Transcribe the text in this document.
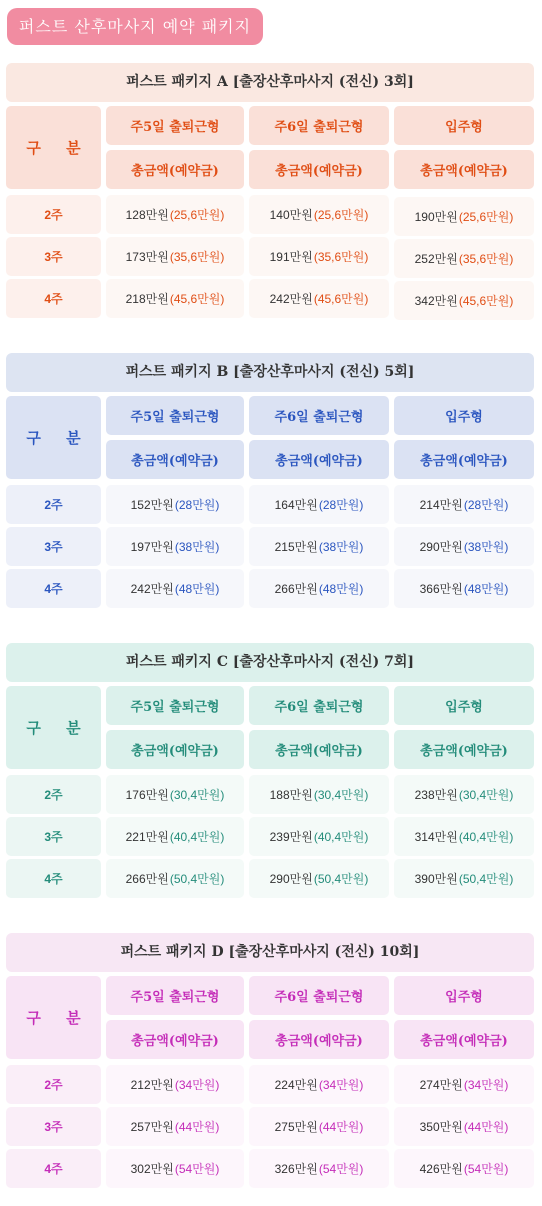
퍼스트 산후마사지 예약 패키지
퍼스트 패키지 A [출장산후마사지 (전신) 3회]
구 분
주5일 출퇴근형	주6일 출퇴근형	입주형
총금액(예약금)	총금액(예약금)	총금액(예약금)
2주	128만원 (25,6만원)	140만원 (25,6만원)	190만원 (25,6만원)
3주	173만원 (35,6만원)	191만원 (35,6만원)	252만원 (35,6만원)
4주	218만원 (45,6만원)	242만원 (45,6만원)	342만원 (45,6만원)
퍼스트 패키지 B [출장산후마사지 (전신) 5회]
구 분
주5일 출퇴근형	주6일 출퇴근형	입주형
총금액(예약금)	총금액(예약금)	총금액(예약금)
2주	152만원 (28만원)	164만원 (28만원)	214만원 (28만원)
3주	197만원 (38만원)	215만원 (38만원)	290만원 (38만원)
4주	242만원 (48만원)	266만원 (48만원)	366만원 (48만원)
퍼스트 패키지 C [출장산후마사지 (전신) 7회]
구 분
주5일 출퇴근형	주6일 출퇴근형	입주형
총금액(예약금)	총금액(예약금)	총금액(예약금)
2주	176만원 (30,4만원)	188만원 (30,4만원)	238만원 (30,4만원)
3주	221만원 (40,4만원)	239만원 (40,4만원)	314만원 (40,4만원)
4주	266만원 (50,4만원)	290만원 (50,4만원)	390만원 (50,4만원)
퍼스트 패키지 D [출장산후마사지 (전신) 10회]
구 분
주5일 출퇴근형	주6일 출퇴근형	입주형
총금액(예약금)	총금액(예약금)	총금액(예약금)
2주	212만원 (34만원)	224만원 (34만원)	274만원 (34만원)
3주	257만원 (44만원)	275만원 (44만원)	350만원 (44만원)
4주	302만원 (54만원)	326만원 (54만원)	426만원 (54만원)
